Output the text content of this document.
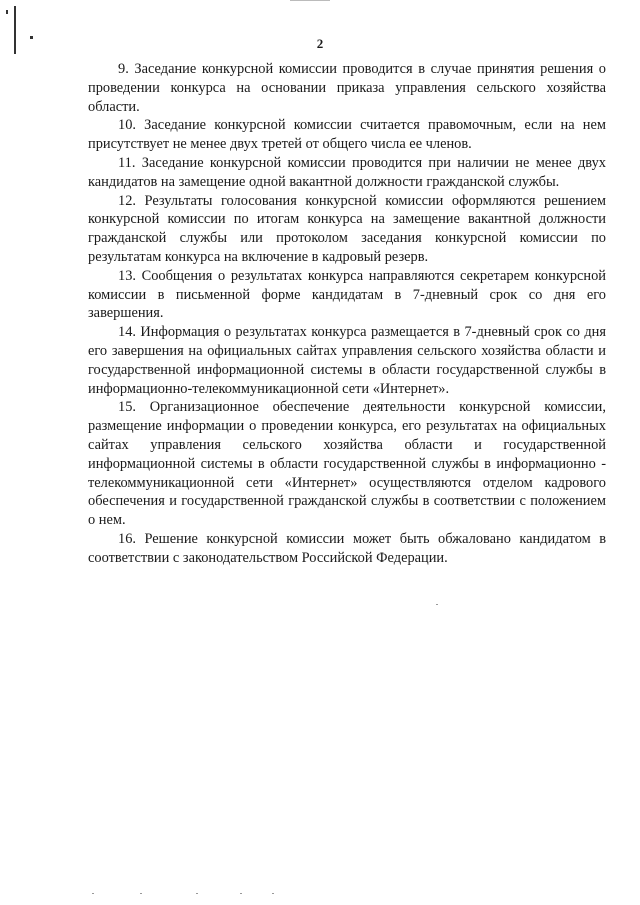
2

9. Заседание конкурсной комиссии проводится в случае принятия решения о проведении конкурса на основании приказа управления сельского хозяйства области.

10. Заседание конкурсной комиссии считается правомочным, если на нем присутствует не менее двух третей от общего числа ее членов.

11. Заседание конкурсной комиссии проводится при наличии не менее двух кандидатов на замещение одной вакантной должности гражданской службы.

12. Результаты голосования конкурсной комиссии оформляются решением конкурсной комиссии по итогам конкурса на замещение вакантной должности гражданской службы или протоколом заседания конкурсной комиссии по результатам конкурса на включение в кадровый резерв.

13. Сообщения о результатах конкурса направляются секретарем конкурсной комиссии в письменной форме кандидатам в 7-дневный срок со дня его завершения.

14. Информация о результатах конкурса размещается в 7-дневный срок со дня его завершения на официальных сайтах управления сельского хозяйства области и государственной информационной системы в области государственной службы в информационно-телекоммуникационной сети «Интернет».

15. Организационное обеспечение деятельности конкурсной комиссии, размещение информации о проведении конкурса, его результатах на официальных сайтах управления сельского хозяйства области и государственной информационной системы в области государственной службы в информационно - телекоммуникационной сети «Интернет» осуществляются отделом кадрового обеспечения и государственной гражданской службы в соответствии с положением о нем.

16. Решение конкурсной комиссии может быть обжаловано кандидатом в соответствии с законодательством Российской Федерации.
